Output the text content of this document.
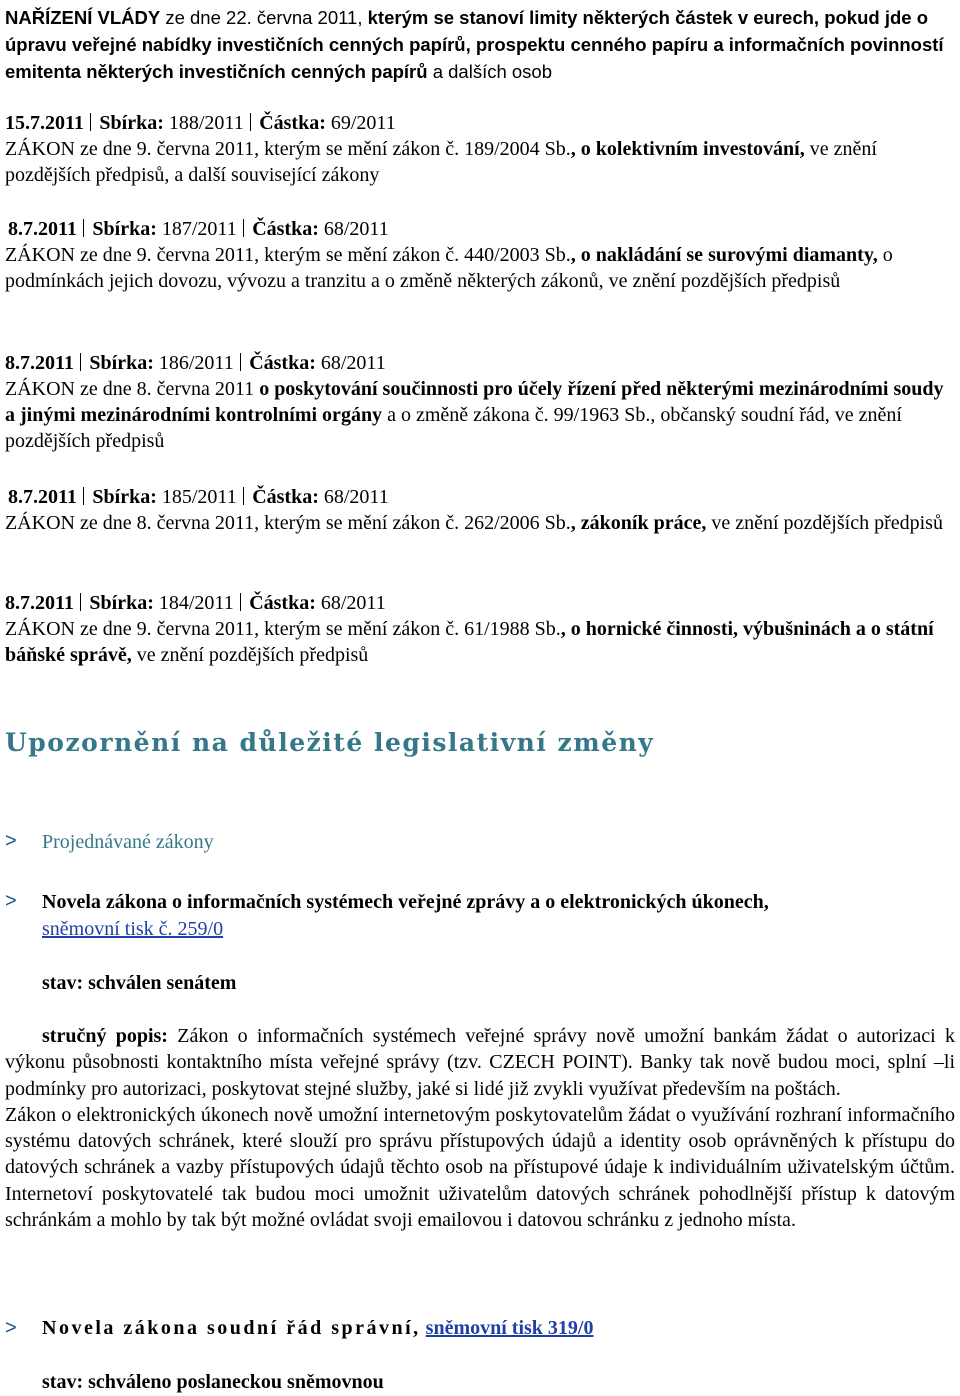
NAŘÍZENÍ VLÁDY ze dne 22. června 2011, kterým se stanoví limity některých částek v eurech, pokud jde o úpravu veřejné nabídky investičních cenných papírů, prospektu cenného papíru a informačních povinností emitenta některých investičních cenných papírů a dalších osob
15.7.2011 Sbírka: 188/2011 Částka: 69/2011
ZÁKON ze dne 9. června 2011, kterým se mění zákon č. 189/2004 Sb., o kolektivním investování, ve znění pozdějších předpisů, a další související zákony
8.7.2011 Sbírka: 187/2011 Částka: 68/2011
ZÁKON ze dne 9. června 2011, kterým se mění zákon č. 440/2003 Sb., o nakládání se surovými diamanty, o podmínkách jejich dovozu, vývozu a tranzitu a o změně některých zákonů, ve znění pozdějších předpisů
8.7.2011 Sbírka: 186/2011 Částka: 68/2011
ZÁKON ze dne 8. června 2011 o poskytování součinnosti pro účely řízení před některými mezinárodními soudy a jinými mezinárodními kontrolními orgány a o změně zákona č. 99/1963 Sb., občanský soudní řád, ve znění pozdějších předpisů
8.7.2011 Sbírka: 185/2011 Částka: 68/2011
ZÁKON ze dne 8. června 2011, kterým se mění zákon č. 262/2006 Sb., zákoník práce, ve znění pozdějších předpisů
8.7.2011 Sbírka: 184/2011 Částka: 68/2011
ZÁKON ze dne 9. června 2011, kterým se mění zákon č. 61/1988 Sb., o hornické činnosti, výbušninách a o státní báňské správě, ve znění pozdějších předpisů
Upozornění na důležité legislativní změny
> Projednávané zákony
> Novela zákona o informačních systémech veřejné zprávy a o elektronických úkonech,
sněmovní tisk č. 259/0
stav: schválen senátem
stručný popis: Zákon o informačních systémech veřejné správy nově umožní bankám žádat o autorizaci k výkonu působnosti kontaktního místa veřejné správy (tzv. CZECH POINT). Banky tak nově budou moci, splní –li podmínky pro autorizaci, poskytovat stejné služby, jaké si lidé již zvykli využívat především na poštách.
Zákon o elektronických úkonech nově umožní internetovým poskytovatelům žádat o využívání rozhraní informačního systému datových schránek, které slouží pro správu přístupových údajů a identity osob oprávněných k přístupu do datových schránek a vazby přístupových údajů těchto osob na přístupové údaje k individuálním uživatelským účtům. Internetoví poskytovatelé tak budou moci umožnit uživatelům datových schránek pohodlnější přístup k datovým schránkám a mohlo by tak být možné ovládat svoji emailovou i datovou schránku z jednoho místa.
> Novela zákona soudní řád správní, sněmovní tisk 319/0
stav: schváleno poslaneckou sněmovnou
